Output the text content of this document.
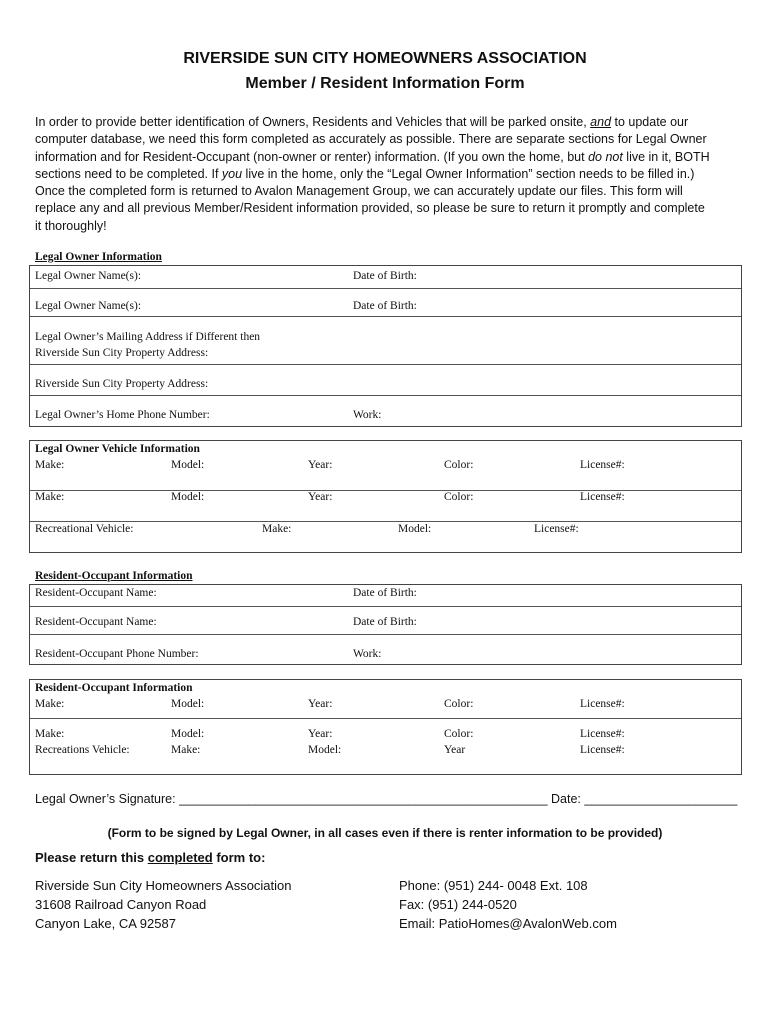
RIVERSIDE SUN CITY HOMEOWNERS ASSOCIATION
Member / Resident Information Form
In order to provide better identification of Owners, Residents and Vehicles that will be parked onsite, and to update our
computer database, we need this form completed as accurately as possible. There are separate sections for Legal Owner
information and for Resident-Occupant (non-owner or renter) information. (If you own the home, but do not live in it, BOTH
sections need to be completed. If you live in the home, only the “Legal Owner Information” section needs to be filled in.)
Once the completed form is returned to Avalon Management Group, we can accurately update our files. This form will
replace any and all previous Member/Resident information provided, so please be sure to return it promptly and complete
it thoroughly!
Legal Owner Information
Legal Owner Name(s):	Date of Birth:
Legal Owner Name(s):	Date of Birth:
Legal Owner’s Mailing Address if Different then
Riverside Sun City Property Address:
Riverside Sun City Property Address:
Legal Owner’s Home Phone Number:	Work:
Legal Owner Vehicle Information
Make:	Model:	Year:	Color:	License#:
Make:	Model:	Year:	Color:	License#:
Recreational Vehicle:	Make:	Model:	License#:
Resident-Occupant Information
Resident-Occupant Name:	Date of Birth:
Resident-Occupant Name:	Date of Birth:
Resident-Occupant Phone Number:	Work:
Resident-Occupant Information
Make:	Model:	Year:	Color:	License#:
Make:	Model:	Year:	Color:	License#:
Recreations Vehicle:	Make:	Model:	Year	License#:
Legal Owner’s Signature: _____________________________________________________ Date: ______________________
(Form to be signed by Legal Owner, in all cases even if there is renter information to be provided)
Please return this completed form to:
Riverside Sun City Homeowners Association
31608 Railroad Canyon Road
Canyon Lake, CA 92587
Phone: (951) 244- 0048 Ext. 108
Fax: (951) 244-0520
Email: PatioHomes@AvalonWeb.com
